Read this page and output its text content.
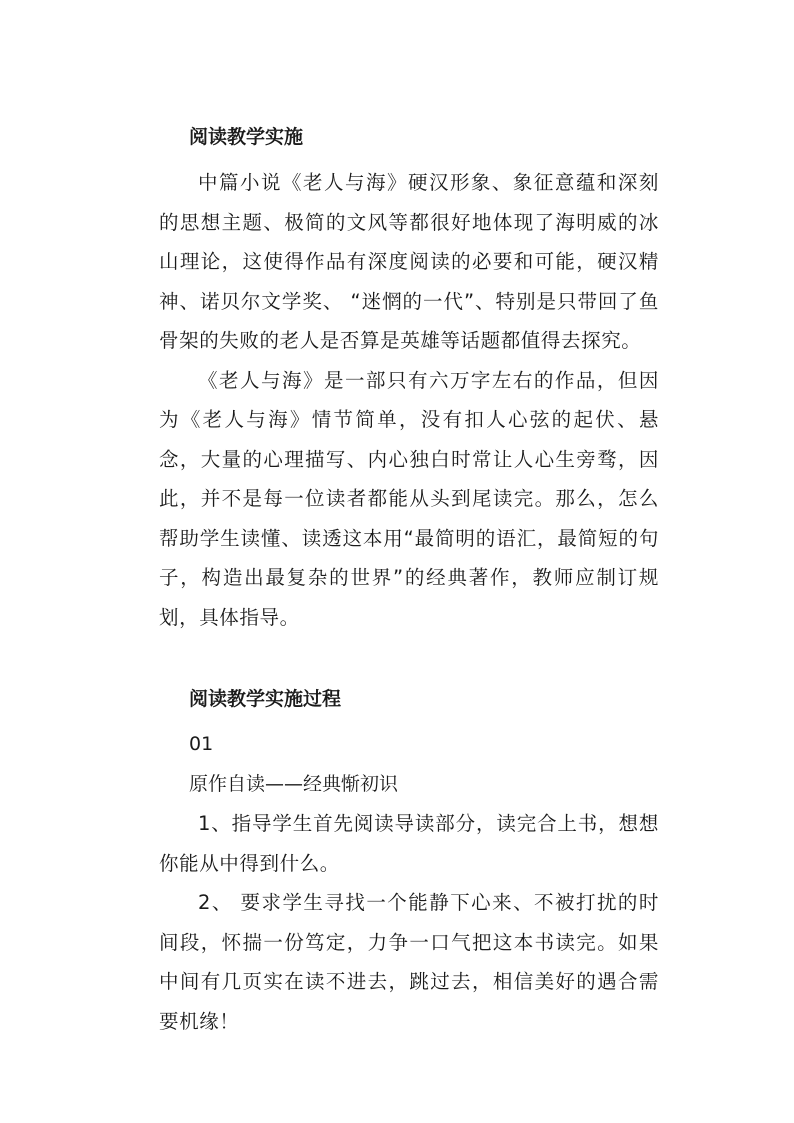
阅读教学实施

中篇小说《老人与海》硬汉形象、象征意蕴和深刻的思想主题、极简的文风等都很好地体现了海明威的冰山理论，这使得作品有深度阅读的必要和可能，硬汉精神、诺贝尔文学奖、 “迷惘的一代”、特别是只带回了鱼骨架的失败的老人是否算是英雄等话题都值得去探究。

《老人与海》是一部只有六万字左右的作品，但因为《老人与海》情节简单，没有扣人心弦的起伏、悬念，大量的心理描写、内心独白时常让人心生旁骛，因此，并不是每一位读者都能从头到尾读完。那么，怎么帮助学生读懂、读透这本用“最简明的语汇，最简短的句子，构造出最复杂的世界”的经典著作，教师应制订规划，具体指导。

阅读教学实施过程
01
原作自读——经典惭初识

1、指导学生首先阅读导读部分，读完合上书，想想你能从中得到什么。

2、 要求学生寻找一个能静下心来、不被打扰的时间段，怀揣一份笃定，力争一口气把这本书读完。如果中间有几页实在读不进去，跳过去，相信美好的遇合需要机缘！
